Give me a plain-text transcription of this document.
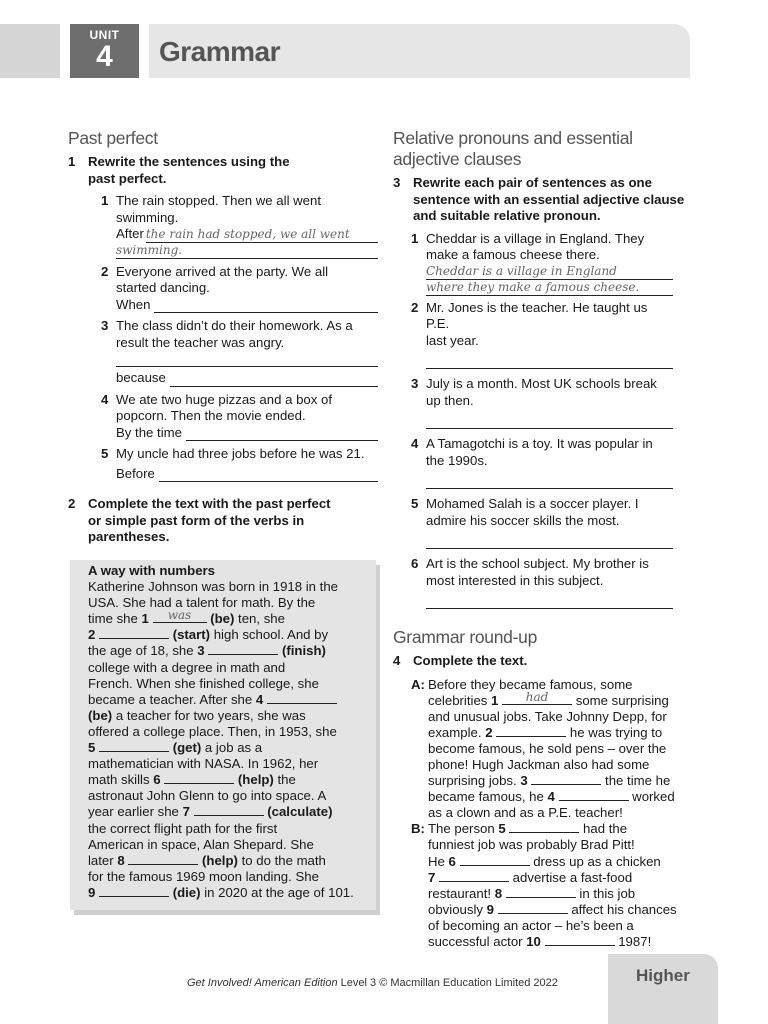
UNIT
4	Grammar
Past perfect
1 Rewrite the sentences using the
past perfect.
1 The rain stopped. Then we all went
swimming.

After the rain had stopped, we all went
swimming.
2 Everyone arrived at the party. We all
started dancing.

When
3 The class didn’t do their homework. As a
result the teacher was angry.

because
4 We ate two huge pizzas and a box of
popcorn. Then the movie ended.

By the time
5 My uncle had three jobs before he was 21.

Before
2 Complete the text with the past perfect
or simple past form of the verbs in
parentheses.
A way with numbers
Katherine Johnson was born in 1918 in the
USA. She had a talent for math. By the
time she 1	was	(be) ten, she
2	(start) high school. And by
the age of 18, she 3	(finish)
college with a degree in math and
French. When she finished college, she
became a teacher. After she 4
(be) a teacher for two years, she was
offered a college place. Then, in 1953, she
5	(get) a job as a
mathematician with NASA. In 1962, her
math skills 6	(help) the
astronaut John Glenn to go into space. A
year earlier she 7	(calculate)
the correct flight path for the first
American in space, Alan Shepard. She
later 8	(help) to do the math
for the famous 1969 moon landing. She
9	(die) in 2020 at the age of 101.
Relative pronouns and essential
adjective clauses
3 Rewrite each pair of sentences as one
sentence with an essential adjective clause
and suitable relative pronoun.
1 Cheddar is a village in England. They
make a famous cheese there.

Cheddar is a village in England
where they make a famous cheese.
2 Mr. Jones is the teacher. He taught us P.E.
last year.
3 July is a month. Most UK schools break
up then.
4 A Tamagotchi is a toy. It was popular in
the 1990s.
5 Mohamed Salah is a soccer player. I
admire his soccer skills the most.
6 Art is the school subject. My brother is
most interested in this subject.
Grammar round-up
4 Complete the text.
A: Before they became famous, some
celebrities 1	had	some surprising
and unusual jobs. Take Johnny Depp, for
example. 2	he was trying to
become famous, he sold pens – over the
phone! Hugh Jackman also had some
surprising jobs. 3	the time he
became famous, he 4	worked
as a clown and as a P.E. teacher!
B: The person 5	had the
funniest job was probably Brad Pitt!
He 6	dress up as a chicken
7	advertise a fast-food
restaurant! 8	in this job
obviously 9	affect his chances
of becoming an actor – he’s been a
successful actor 10	1987!
Get Involved! American Edition Level 3 © Macmillan Education Limited 2022	Higher
